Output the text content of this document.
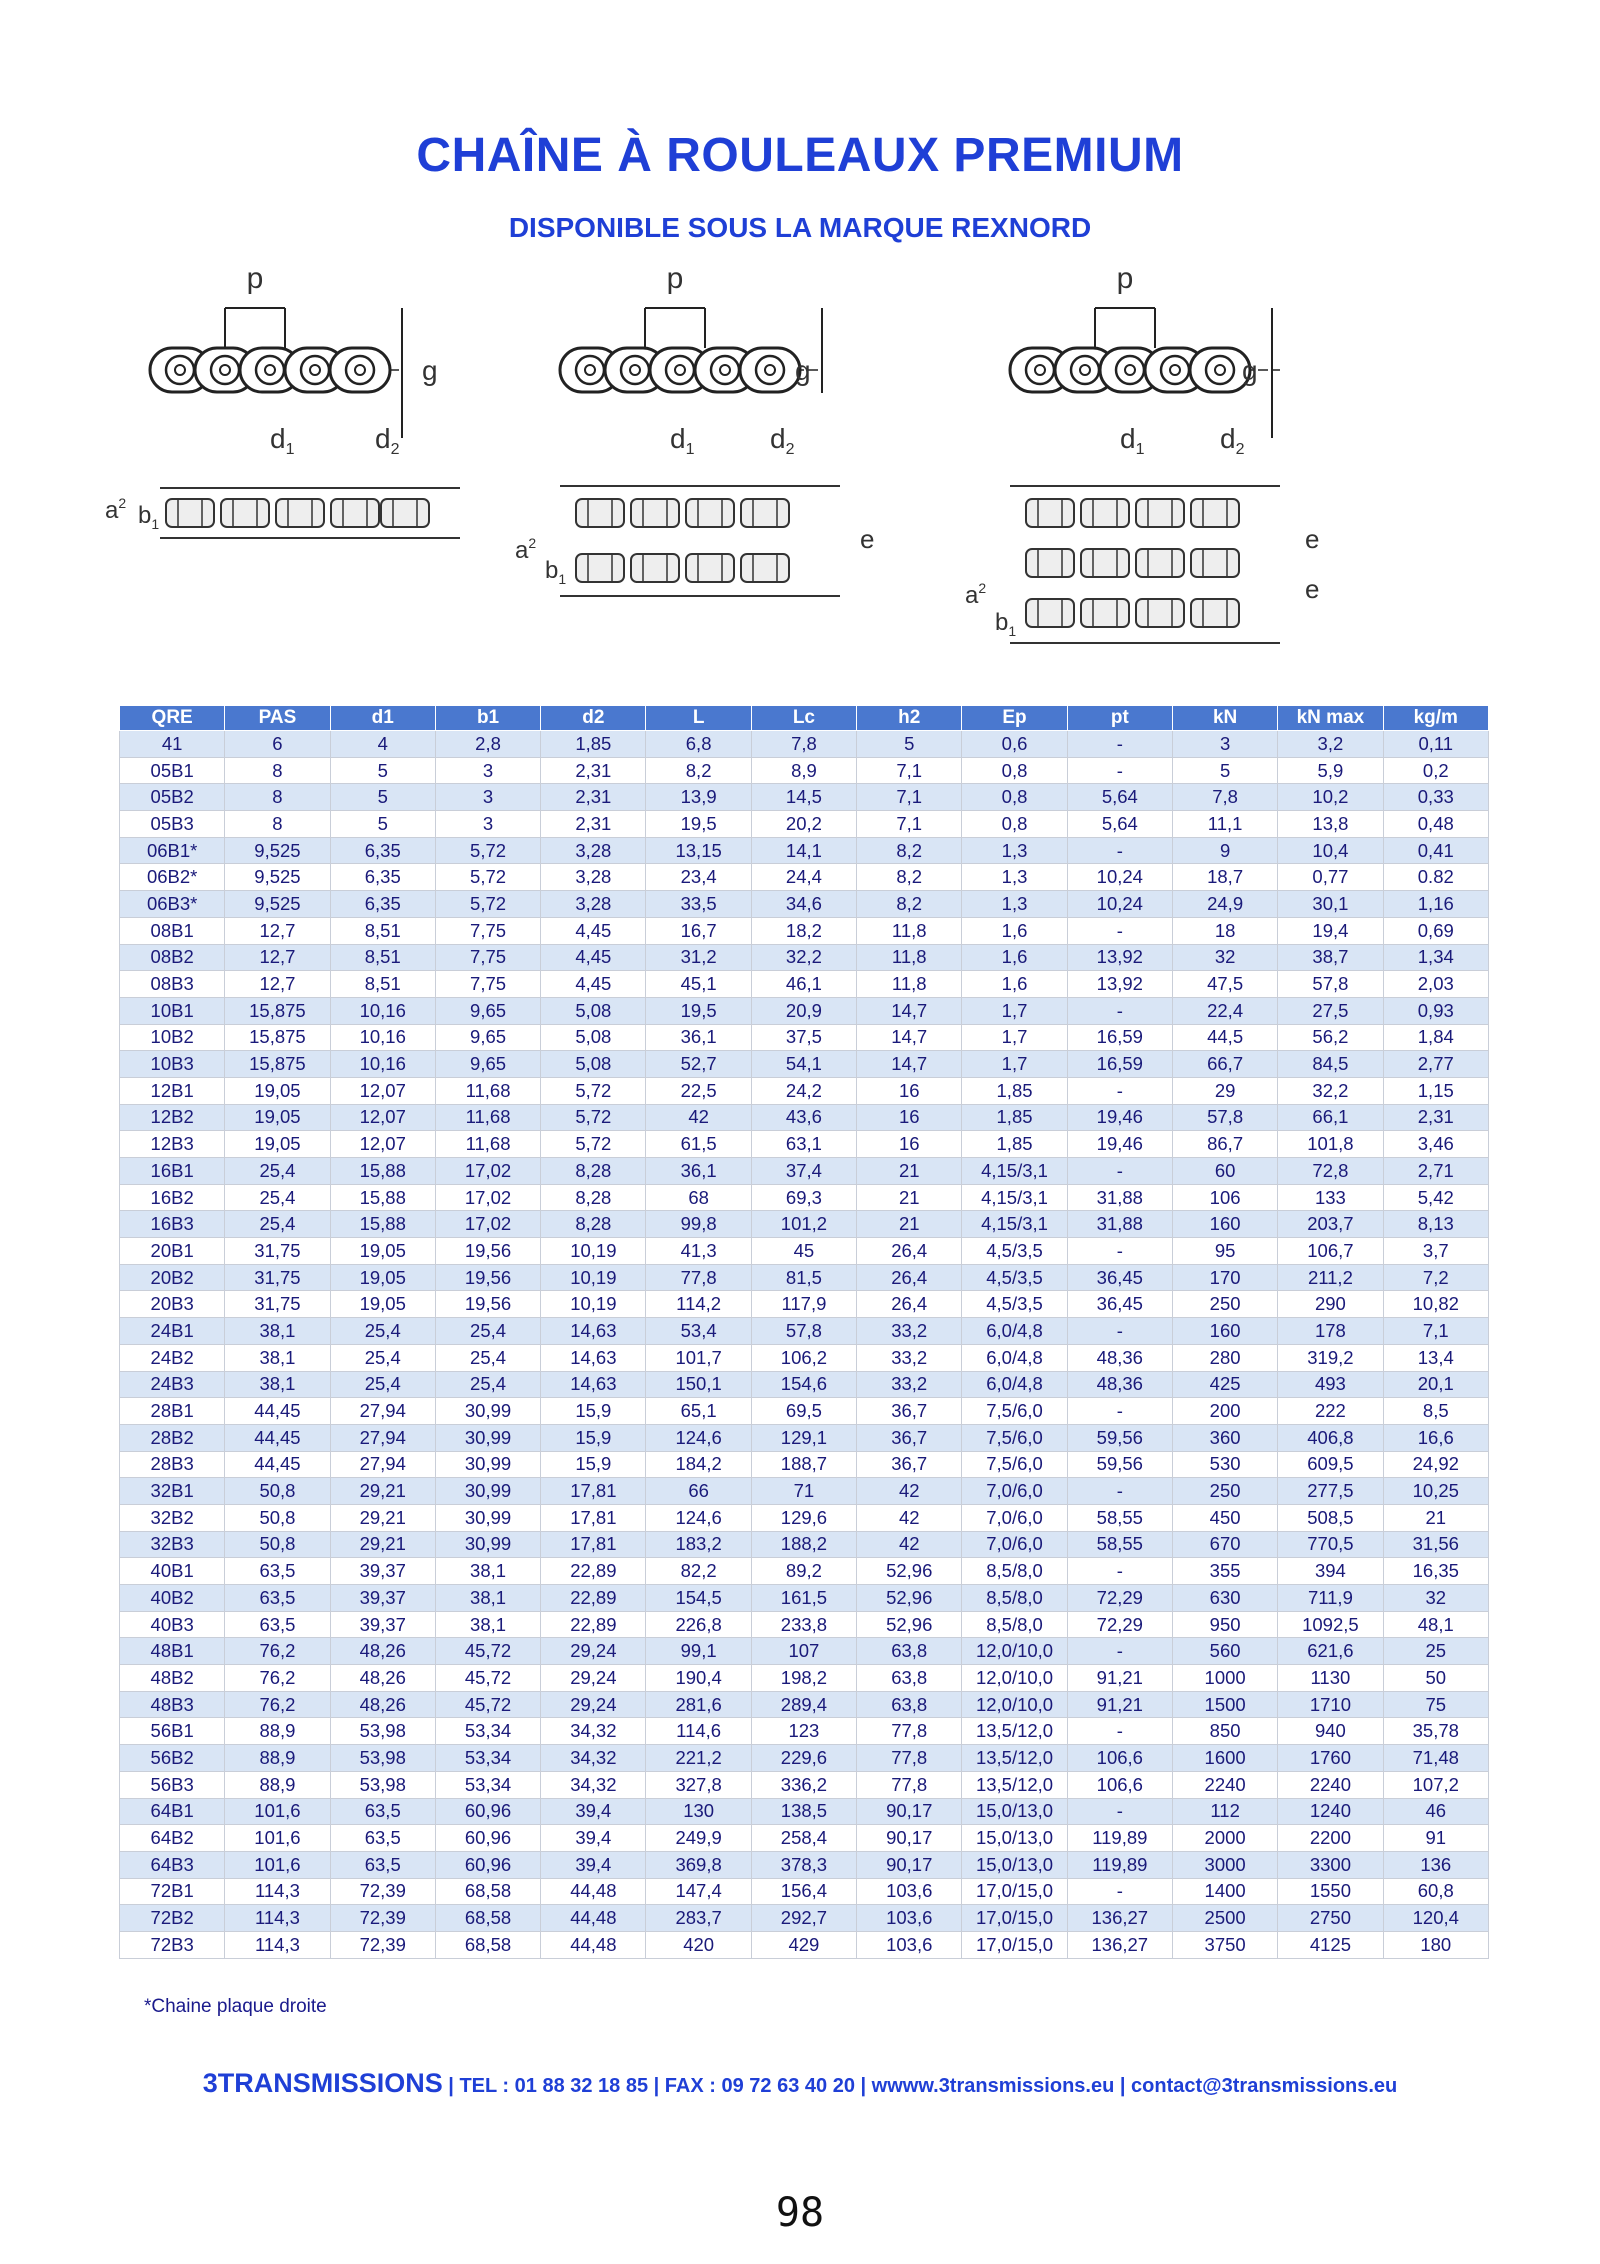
CHAÎNE À ROULEAUX PREMIUM
DISPONIBLE SOUS LA MARQUE REXNORD
p
g
$d_1$	$d_2$
$a^2$ $b_1$
p
g
$d_1$	$d_2$
$a^2$
$b_1$
e
p
g
$d_1$	$d_2$
$a^2$
$b_1$
e
e
QRE	PAS	d1	b1	d2	L	Lc	h2	Ep	pt	kN	kN max	kg/m
41	6	4	2,8	1,85	6,8	7,8	5	0,6	-	3	3,2	0,11
05B1	8	5	3	2,31	8,2	8,9	7,1	0,8	-	5	5,9	0,2
05B2	8	5	3	2,31	13,9	14,5	7,1	0,8	5,64	7,8	10,2	0,33
05B3	8	5	3	2,31	19,5	20,2	7,1	0,8	5,64	11,1	13,8	0,48
06B1*	9,525	6,35	5,72	3,28	13,15	14,1	8,2	1,3	-	9	10,4	0,41
06B2*	9,525	6,35	5,72	3,28	23,4	24,4	8,2	1,3	10,24	18,7	0,77	0.82
06B3*	9,525	6,35	5,72	3,28	33,5	34,6	8,2	1,3	10,24	24,9	30,1	1,16
08B1	12,7	8,51	7,75	4,45	16,7	18,2	11,8	1,6	-	18	19,4	0,69
08B2	12,7	8,51	7,75	4,45	31,2	32,2	11,8	1,6	13,92	32	38,7	1,34
08B3	12,7	8,51	7,75	4,45	45,1	46,1	11,8	1,6	13,92	47,5	57,8	2,03
10B1	15,875	10,16	9,65	5,08	19,5	20,9	14,7	1,7	-	22,4	27,5	0,93
10B2	15,875	10,16	9,65	5,08	36,1	37,5	14,7	1,7	16,59	44,5	56,2	1,84
10B3	15,875	10,16	9,65	5,08	52,7	54,1	14,7	1,7	16,59	66,7	84,5	2,77
12B1	19,05	12,07	11,68	5,72	22,5	24,2	16	1,85	-	29	32,2	1,15
12B2	19,05	12,07	11,68	5,72	42	43,6	16	1,85	19,46	57,8	66,1	2,31
12B3	19,05	12,07	11,68	5,72	61,5	63,1	16	1,85	19,46	86,7	101,8	3,46
16B1	25,4	15,88	17,02	8,28	36,1	37,4	21	4,15/3,1	-	60	72,8	2,71
16B2	25,4	15,88	17,02	8,28	68	69,3	21	4,15/3,1	31,88	106	133	5,42
16B3	25,4	15,88	17,02	8,28	99,8	101,2	21	4,15/3,1	31,88	160	203,7	8,13
20B1	31,75	19,05	19,56	10,19	41,3	45	26,4	4,5/3,5	-	95	106,7	3,7
20B2	31,75	19,05	19,56	10,19	77,8	81,5	26,4	4,5/3,5	36,45	170	211,2	7,2
20B3	31,75	19,05	19,56	10,19	114,2	117,9	26,4	4,5/3,5	36,45	250	290	10,82
24B1	38,1	25,4	25,4	14,63	53,4	57,8	33,2	6,0/4,8	-	160	178	7,1
24B2	38,1	25,4	25,4	14,63	101,7	106,2	33,2	6,0/4,8	48,36	280	319,2	13,4
24B3	38,1	25,4	25,4	14,63	150,1	154,6	33,2	6,0/4,8	48,36	425	493	20,1
28B1	44,45	27,94	30,99	15,9	65,1	69,5	36,7	7,5/6,0	-	200	222	8,5
28B2	44,45	27,94	30,99	15,9	124,6	129,1	36,7	7,5/6,0	59,56	360	406,8	16,6
28B3	44,45	27,94	30,99	15,9	184,2	188,7	36,7	7,5/6,0	59,56	530	609,5	24,92
32B1	50,8	29,21	30,99	17,81	66	71	42	7,0/6,0	-	250	277,5	10,25
32B2	50,8	29,21	30,99	17,81	124,6	129,6	42	7,0/6,0	58,55	450	508,5	21
32B3	50,8	29,21	30,99	17,81	183,2	188,2	42	7,0/6,0	58,55	670	770,5	31,56
40B1	63,5	39,37	38,1	22,89	82,2	89,2	52,96	8,5/8,0	-	355	394	16,35
40B2	63,5	39,37	38,1	22,89	154,5	161,5	52,96	8,5/8,0	72,29	630	711,9	32
40B3	63,5	39,37	38,1	22,89	226,8	233,8	52,96	8,5/8,0	72,29	950	1092,5	48,1
48B1	76,2	48,26	45,72	29,24	99,1	107	63,8	12,0/10,0	-	560	621,6	25
48B2	76,2	48,26	45,72	29,24	190,4	198,2	63,8	12,0/10,0	91,21	1000	1130	50
48B3	76,2	48,26	45,72	29,24	281,6	289,4	63,8	12,0/10,0	91,21	1500	1710	75
56B1	88,9	53,98	53,34	34,32	114,6	123	77,8	13,5/12,0	-	850	940	35,78
56B2	88,9	53,98	53,34	34,32	221,2	229,6	77,8	13,5/12,0	106,6	1600	1760	71,48
56B3	88,9	53,98	53,34	34,32	327,8	336,2	77,8	13,5/12,0	106,6	2240	2240	107,2
64B1	101,6	63,5	60,96	39,4	130	138,5	90,17	15,0/13,0	-	112	1240	46
64B2	101,6	63,5	60,96	39,4	249,9	258,4	90,17	15,0/13,0	119,89	2000	2200	91
64B3	101,6	63,5	60,96	39,4	369,8	378,3	90,17	15,0/13,0	119,89	3000	3300	136
72B1	114,3	72,39	68,58	44,48	147,4	156,4	103,6	17,0/15,0	-	1400	1550	60,8
72B2	114,3	72,39	68,58	44,48	283,7	292,7	103,6	17,0/15,0	136,27	2500	2750	120,4
72B3	114,3	72,39	68,58	44,48	420	429	103,6	17,0/15,0	136,27	3750	4125	180
*Chaine plaque droite
3TRANSMISSIONS | TEL : 01 88 32 18 85 | FAX : 09 72 63 40 20 | wwww.3transmissions.eu | contact@3transmissions.eu
98
